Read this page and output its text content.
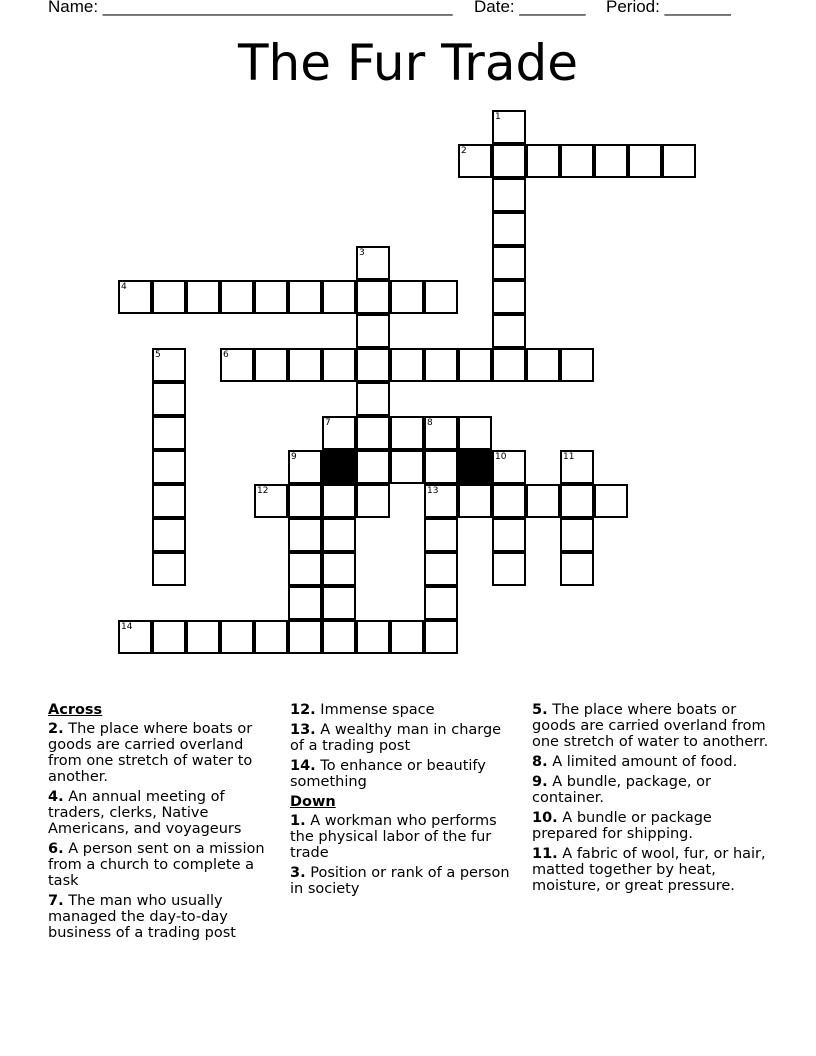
Name: _____________________________________ Date: _______ Period: _______
The Fur Trade
2
4
6
7	8
12	13
14
1
3
5
9	10	11
Across
2. The place where boats or goods are carried overland from one stretch of water to another.
4. An annual meeting of traders, clerks, Native Americans, and voyageurs
6. A person sent on a mission from a church to complete a task
7. The man who usually managed the day-to-day business of a trading post
12. Immense space
13. A wealthy man in charge of a trading post
14. To enhance or beautify something
Down
1. A workman who performs the physical labor of the fur trade
3. Position or rank of a person in society
5. The place where boats or goods are carried overland from one stretch of water to anotherr.
8. A limited amount of food.
9. A bundle, package, or container.
10. A bundle or package prepared for shipping.
11. A fabric of wool, fur, or hair, matted together by heat, moisture, or great pressure.
